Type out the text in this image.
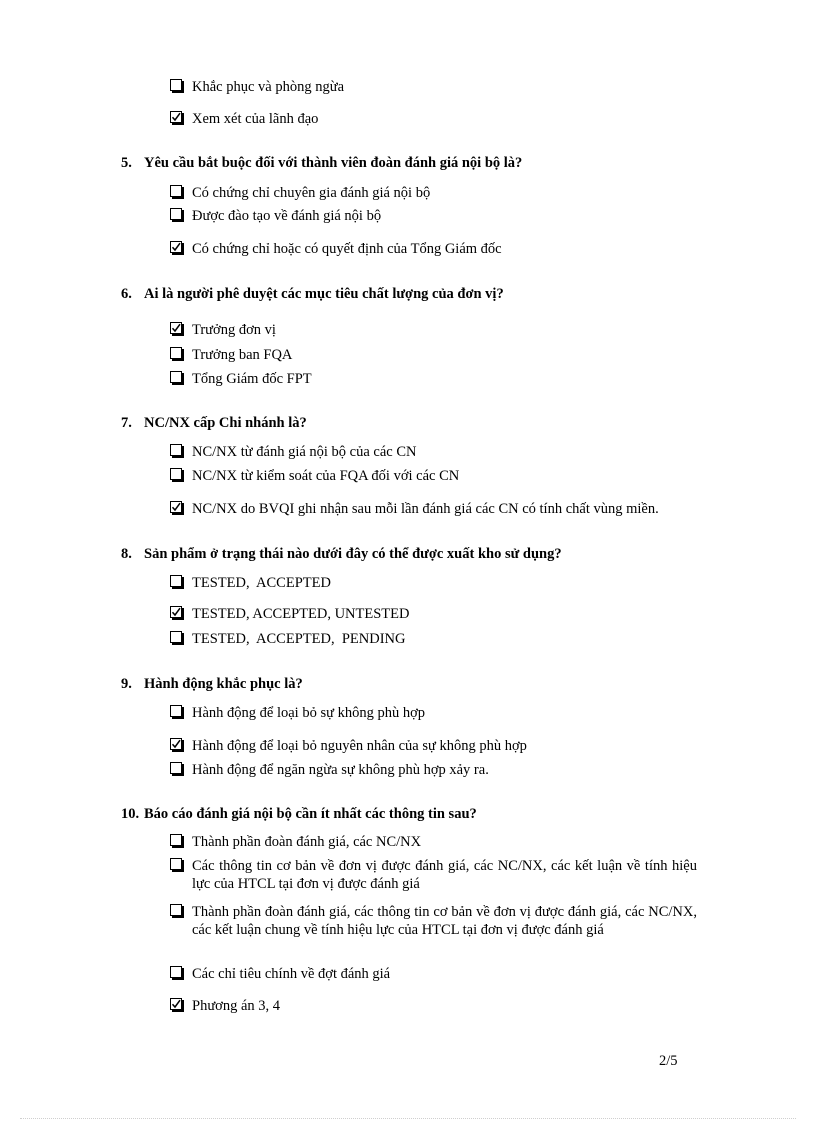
Khắc phục và phòng ngừa
Xem xét của lãnh đạo
5. Yêu cầu bắt buộc đối với thành viên đoàn đánh giá nội bộ là?
Có chứng chỉ chuyên gia đánh giá nội bộ
Được đào tạo về đánh giá nội bộ
Có chứng chỉ hoặc có quyết định của Tổng Giám đốc
6. Ai là người phê duyệt các mục tiêu chất lượng của đơn vị?
Trưởng đơn vị
Trưởng ban FQA
Tổng Giám đốc FPT
7. NC/NX cấp Chi nhánh là?
NC/NX từ đánh giá nội bộ của các CN
NC/NX từ kiểm soát của FQA đối với các CN
NC/NX do BVQI ghi nhận sau mỗi lần đánh giá các CN có tính chất vùng miền.
8. Sản phẩm ở trạng thái nào dưới đây có thể được xuất kho sử dụng?
TESTED,  ACCEPTED
TESTED, ACCEPTED, UNTESTED
TESTED,  ACCEPTED,  PENDING
9. Hành động khắc phục là?
Hành động để loại bỏ sự không phù hợp
Hành động để loại bỏ nguyên nhân của sự không phù hợp
Hành động để ngăn ngừa sự không phù hợp xảy ra.
10. Báo cáo đánh giá nội bộ cần ít nhất các thông tin sau?
Thành phần đoàn đánh giá, các NC/NX
Các thông tin cơ bản về đơn vị được đánh giá, các NC/NX, các kết luận về tính hiệu lực của HTCL tại đơn vị được đánh giá
Thành phần đoàn đánh giá, các thông tin cơ bản về đơn vị được đánh giá, các NC/NX, các kết luận chung về tính hiệu lực của HTCL tại đơn vị được đánh giá
Các chỉ tiêu chính về đợt đánh giá
Phương án 3, 4
2/5
